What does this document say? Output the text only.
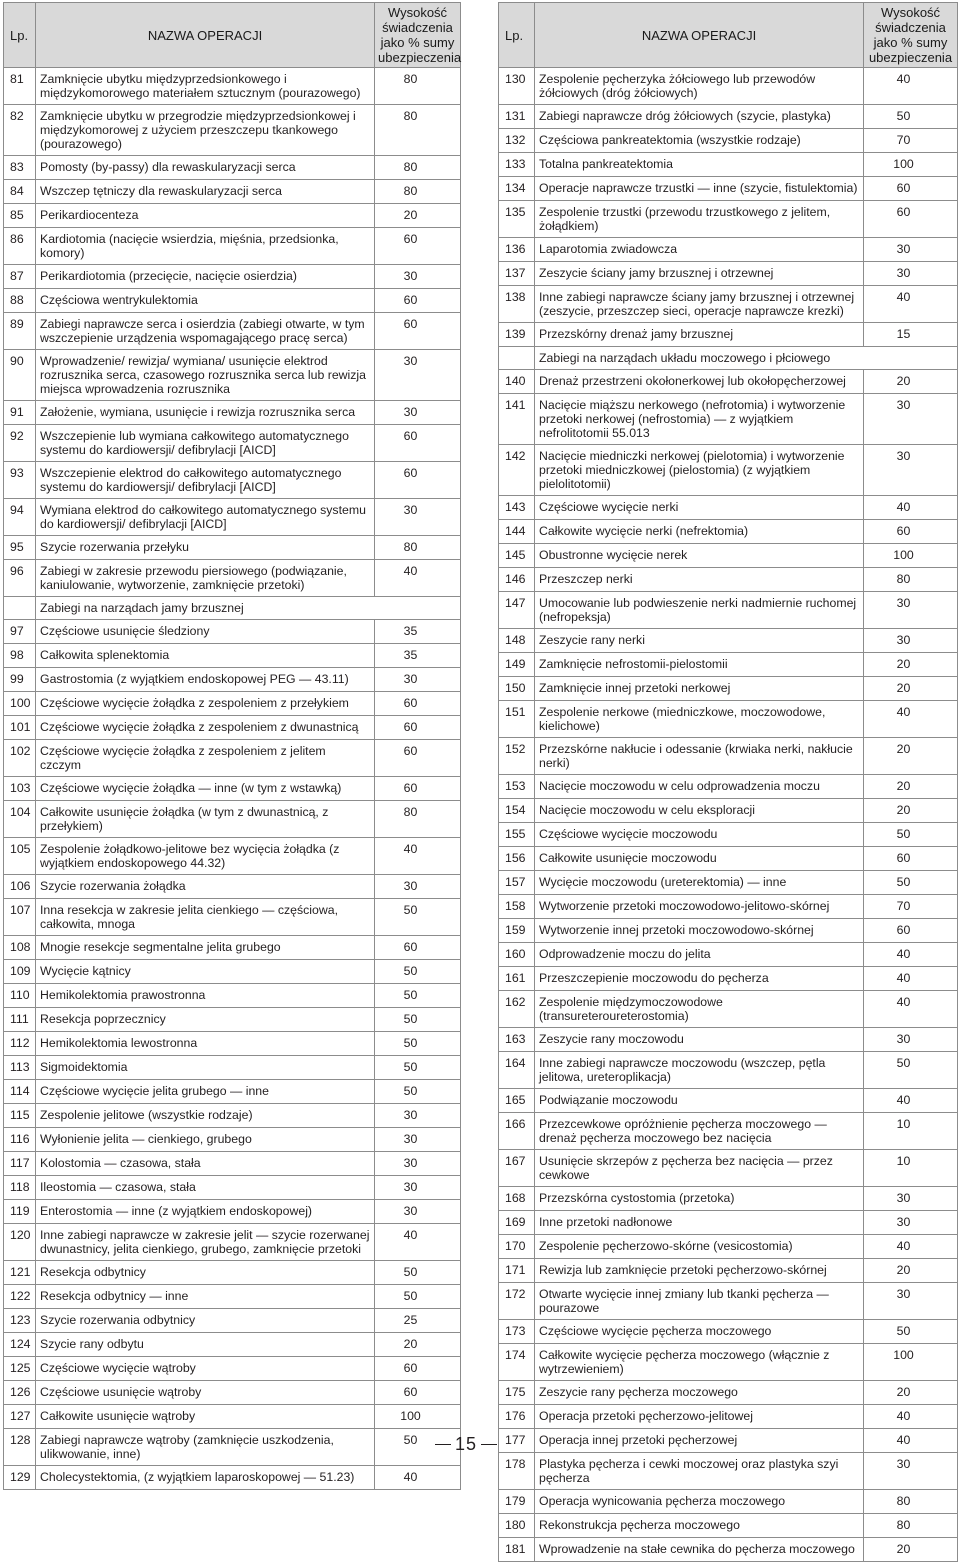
Lp.	NAZWA OPERACJI	Wysokość świadczenia jako % sumy ubezpieczenia
81	Zamknięcie ubytku międzyprzedsionkowego i międzykomorowego materiałem sztucznym (pourazowego)	80
82	Zamknięcie ubytku w przegrodzie międzyprzedsionkowej i międzykomorowej z użyciem przeszczepu tkankowego (pourazowego)	80
83	Pomosty (by-passy) dla rewaskularyzacji serca	80
84	Wszczep tętniczy dla rewaskularyzacji serca	80
85	Perikardiocenteza	20
86	Kardiotomia (nacięcie wsierdzia, mięśnia, przedsionka, komory)	60
87	Perikardiotomia (przecięcie, nacięcie osierdzia)	30
88	Częściowa wentrykulektomia	60
89	Zabiegi naprawcze serca i osierdzia (zabiegi otwarte, w tym wszczepienie urządzenia wspomagającego pracę serca)	60
90	Wprowadzenie/ rewizja/ wymiana/ usunięcie elektrod rozrusznika serca, czasowego rozrusznika serca lub rewizja miejsca wprowadzenia rozrusznika	30
91	Założenie, wymiana, usunięcie i rewizja rozrusznika serca	30
92	Wszczepienie lub wymiana całkowitego automatycznego systemu do kardiowersji/ defibrylacji [AICD]	60
93	Wszczepienie elektrod do całkowitego automatycznego systemu do kardiowersji/ defibrylacji [AICD]	60
94	Wymiana elektrod do całkowitego automatycznego systemu do kardiowersji/ defibrylacji [AICD]	30
95	Szycie rozerwania przełyku	80
96	Zabiegi w zakresie przewodu piersiowego (podwiązanie, kaniulowanie, wytworzenie, zamknięcie przetoki)	40
	Zabiegi na narządach jamy brzusznej	
97	Częściowe usunięcie śledziony	35
98	Całkowita splenektomia	35
99	Gastrostomia (z wyjątkiem endoskopowej PEG — 43.11)	30
100	Częściowe wycięcie żołądka z zespoleniem z przełykiem	60
101	Częściowe wycięcie żołądka z zespoleniem z dwunastnicą	60
102	Częściowe wycięcie żołądka z zespoleniem z jelitem czczym	60
103	Częściowe wycięcie żołądka — inne (w tym z wstawką)	60
104	Całkowite usunięcie żołądka (w tym z dwunastnicą, z przełykiem)	80
105	Zespolenie żołądkowo-jelitowe bez wycięcia żołądka (z wyjątkiem endoskopowego 44.32)	40
106	Szycie rozerwania żołądka	30
107	Inna resekcja w zakresie jelita cienkiego — częściowa, całkowita, mnoga	50
108	Mnogie resekcje segmentalne jelita grubego	60
109	Wycięcie kątnicy	50
110	Hemikolektomia prawostronna	50
111	Resekcja poprzecznicy	50
112	Hemikolektomia lewostronna	50
113	Sigmoidektomia	50
114	Częściowe wycięcie jelita grubego — inne	50
115	Zespolenie jelitowe (wszystkie rodzaje)	30
116	Wyłonienie jelita — cienkiego, grubego	30
117	Kolostomia — czasowa, stała	30
118	Ileostomia — czasowa, stała	30
119	Enterostomia — inne (z wyjątkiem endoskopowej)	30
120	Inne zabiegi naprawcze w zakresie jelit — szycie rozerwanej dwunastnicy, jelita cienkiego, grubego, zamknięcie przetoki	40
121	Resekcja odbytnicy	50
122	Resekcja odbytnicy — inne	50
123	Szycie rozerwania odbytnicy	25
124	Szycie rany odbytu	20
125	Częściowe wycięcie wątroby	60
126	Częściowe usunięcie wątroby	60
127	Całkowite usunięcie wątroby	100
128	Zabiegi naprawcze wątroby (zamknięcie uszkodzenia, ulikwowanie, inne)	50
129	Cholecystektomia, (z wyjątkiem laparoskopowej — 51.23)	40
Lp.	NAZWA OPERACJI	Wysokość świadczenia jako % sumy ubezpieczenia
130	Zespolenie pęcherzyka żółciowego lub przewodów żółciowych (dróg żółciowych)	40
131	Zabiegi naprawcze dróg żółciowych (szycie, plastyka)	50
132	Częściowa pankreatektomia (wszystkie rodzaje)	70
133	Totalna pankreatektomia	100
134	Operacje naprawcze trzustki — inne (szycie, fistulektomia)	60
135	Zespolenie trzustki (przewodu trzustkowego z jelitem, żołądkiem)	60
136	Laparotomia zwiadowcza	30
137	Zeszycie ściany jamy brzusznej i otrzewnej	30
138	Inne zabiegi naprawcze ściany jamy brzusznej i otrzewnej (zeszycie, przeszczep sieci, operacje naprawcze krezki)	40
139	Przezskórny drenaż jamy brzusznej	15
	Zabiegi na narządach układu moczowego i płciowego	
140	Drenaż przestrzeni okołonerkowej lub okołopęcherzowej	20
141	Nacięcie miąższu nerkowego (nefrotomia) i wytworzenie przetoki nerkowej (nefrostomia) — z wyjątkiem nefrolitotomii 55.013	30
142	Nacięcie miedniczki nerkowej (pielotomia) i wytworzenie przetoki miedniczkowej (pielostomia) (z wyjątkiem pielolitotomii)	30
143	Częściowe wycięcie nerki	40
144	Całkowite wycięcie nerki (nefrektomia)	60
145	Obustronne wycięcie nerek	100
146	Przeszczep nerki	80
147	Umocowanie lub podwieszenie nerki nadmiernie ruchomej (nefropeksja)	30
148	Zeszycie rany nerki	30
149	Zamknięcie nefrostomii-pielostomii	20
150	Zamknięcie innej przetoki nerkowej	20
151	Zespolenie nerkowe (miedniczkowe, moczowodowe, kielichowe)	40
152	Przezskórne nakłucie i odessanie (krwiaka nerki, nakłucie nerki)	20
153	Nacięcie moczowodu w celu odprowadzenia moczu	20
154	Nacięcie moczowodu w celu eksploracji	20
155	Częściowe wycięcie moczowodu	50
156	Całkowite usunięcie moczowodu	60
157	Wycięcie moczowodu (ureterektomia) — inne	50
158	Wytworzenie przetoki moczowodowo-jelitowo-skórnej	70
159	Wytworzenie innej przetoki moczowodowo-skórnej	60
160	Odprowadzenie moczu do jelita	40
161	Przeszczepienie moczowodu do pęcherza	40
162	Zespolenie międzymoczowodowe (transureteroureterostomia)	40
163	Zeszycie rany moczowodu	30
164	Inne zabiegi naprawcze moczowodu (wszczep, pętla jelitowa, ureteroplikacja)	50
165	Podwiązanie moczowodu	40
166	Przezcewkowe opróżnienie pęcherza moczowego — drenaż pęcherza moczowego bez nacięcia	10
167	Usunięcie skrzepów z pęcherza bez nacięcia — przez cewkowe	10
168	Przezskórna cystostomia (przetoka)	30
169	Inne przetoki nadłonowe	30
170	Zespolenie pęcherzowo-skórne (vesicostomia)	40
171	Rewizja lub zamknięcie przetoki pęcherzowo-skórnej	20
172	Otwarte wycięcie innej zmiany lub tkanki pęcherza — pourazowe	30
173	Częściowe wycięcie pęcherza moczowego	50
174	Całkowite wycięcie pęcherza moczowego (włącznie z wytrzewieniem)	100
175	Zeszycie rany pęcherza moczowego	20
176	Operacja przetoki pęcherzowo-jelitowej	40
177	Operacja innej przetoki pęcherzowej	40
178	Plastyka pęcherza i cewki moczowej oraz plastyka szyi pęcherza	30
179	Operacja wynicowania pęcherza moczowego	80
180	Rekonstrukcja pęcherza moczowego	80
181	Wprowadzenie na stałe cewnika do pęcherza moczowego	20
15
